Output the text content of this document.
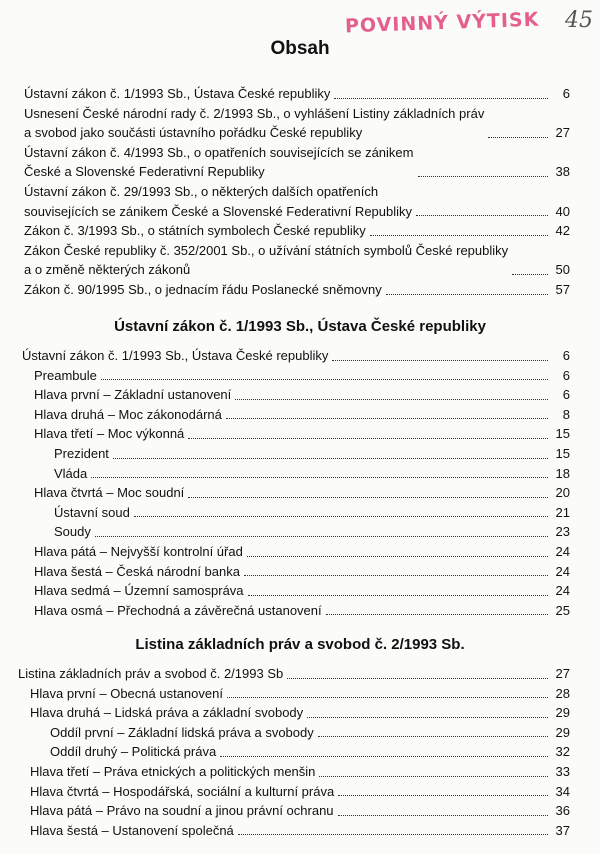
POVINNÝ VÝTISK 45
Obsah
Ústavní zákon č. 1/1993 Sb., Ústava České republiky	6
Usnesení České národní rady č. 2/1993 Sb., o vyhlášení Listiny základních práv
a svobod jako součásti ústavního pořádku České republiky	27
Ústavní zákon č. 4/1993 Sb., o opatřeních souvisejících se zánikem
České a Slovenské Federativní Republiky	38
Ústavní zákon č. 29/1993 Sb., o některých dalších opatřeních
souvisejících se zánikem České a Slovenské Federativní Republiky	40
Zákon č. 3/1993 Sb., o státních symbolech České republiky	42
Zákon České republiky č. 352/2001 Sb., o užívání státních symbolů České republiky
a o změně některých zákonů	50
Zákon č. 90/1995 Sb., o jednacím řádu Poslanecké sněmovny	57
Ústavní zákon č. 1/1993 Sb., Ústava České republiky
Ústavní zákon č. 1/1993 Sb., Ústava České republiky	6
Preambule	6
Hlava první – Základní ustanovení	6
Hlava druhá – Moc zákonodárná	8
Hlava třetí – Moc výkonná	15
Prezident	15
Vláda	18
Hlava čtvrtá – Moc soudní	20
Ústavní soud	21
Soudy	23
Hlava pátá – Nejvyšší kontrolní úřad	24
Hlava šestá – Česká národní banka	24
Hlava sedmá – Územní samospráva	24
Hlava osmá – Přechodná a závěrečná ustanovení	25
Listina základních práv a svobod č. 2/1993 Sb.
Listina základních práv a svobod č. 2/1993 Sb	27
Hlava první – Obecná ustanovení	28
Hlava druhá – Lidská práva a základní svobody	29
Oddíl první – Základní lidská práva a svobody	29
Oddíl druhý – Politická práva	32
Hlava třetí – Práva etnických a politických menšin	33
Hlava čtvrtá – Hospodářská, sociální a kulturní práva	34
Hlava pátá – Právo na soudní a jinou právní ochranu	36
Hlava šestá – Ustanovení společná	37
